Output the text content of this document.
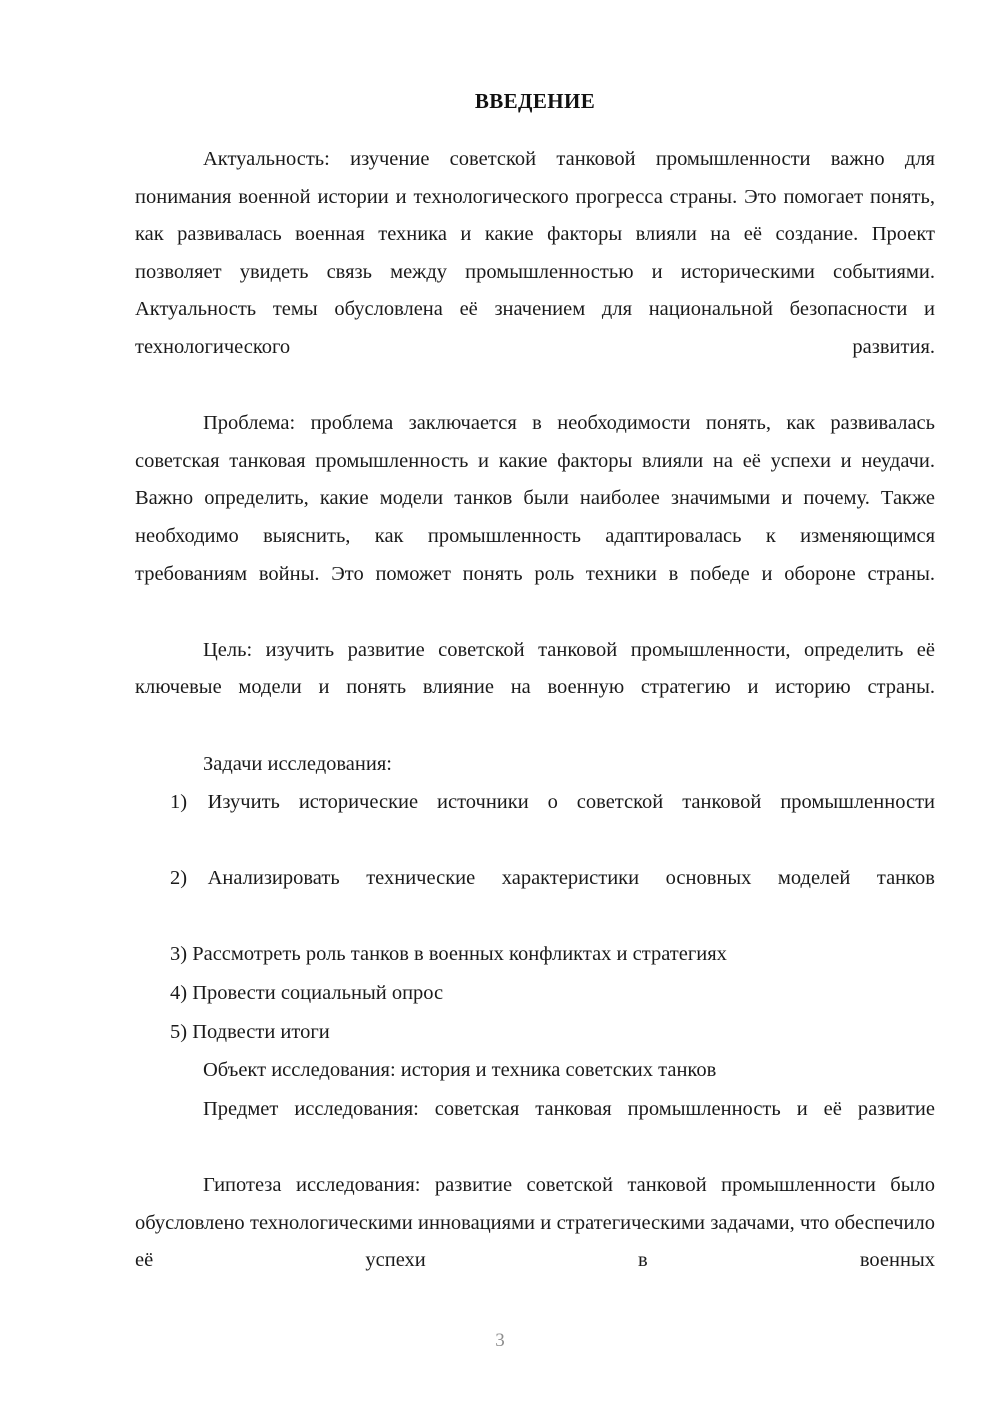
ВВЕДЕНИЕ

Актуальность: изучение советской танковой промышленности важно для понимания военной истории и технологического прогресса страны. Это помогает понять, как развивалась военная техника и какие факторы влияли на её создание. Проект позволяет увидеть связь между промышленностью и историческими событиями. Актуальность темы обусловлена её значением для национальной безопасности и технологического развития.

Проблема: проблема заключается в необходимости понять, как развивалась советская танковая промышленность и какие факторы влияли на её успехи и неудачи. Важно определить, какие модели танков были наиболее значимыми и почему. Также необходимо выяснить, как промышленность адаптировалась к изменяющимся требованиям войны. Это поможет понять роль техники в победе и обороне страны.

Цель: изучить развитие советской танковой промышленности, определить её ключевые модели и понять влияние на военную стратегию и историю страны.

Задачи исследования:

1) Изучить исторические источники о советской танковой промышленности

2) Анализировать технические характеристики основных моделей танков

3) Рассмотреть роль танков в военных конфликтах и стратегиях

4) Провести социальный опрос

5) Подвести итоги

Объект исследования: история и техника советских танков

Предмет исследования: советская танковая промышленность и её развитие

Гипотеза исследования: развитие советской танковой промышленности было обусловлено технологическими инновациями и стратегическими задачами, что обеспечило её успехи в военных

3
